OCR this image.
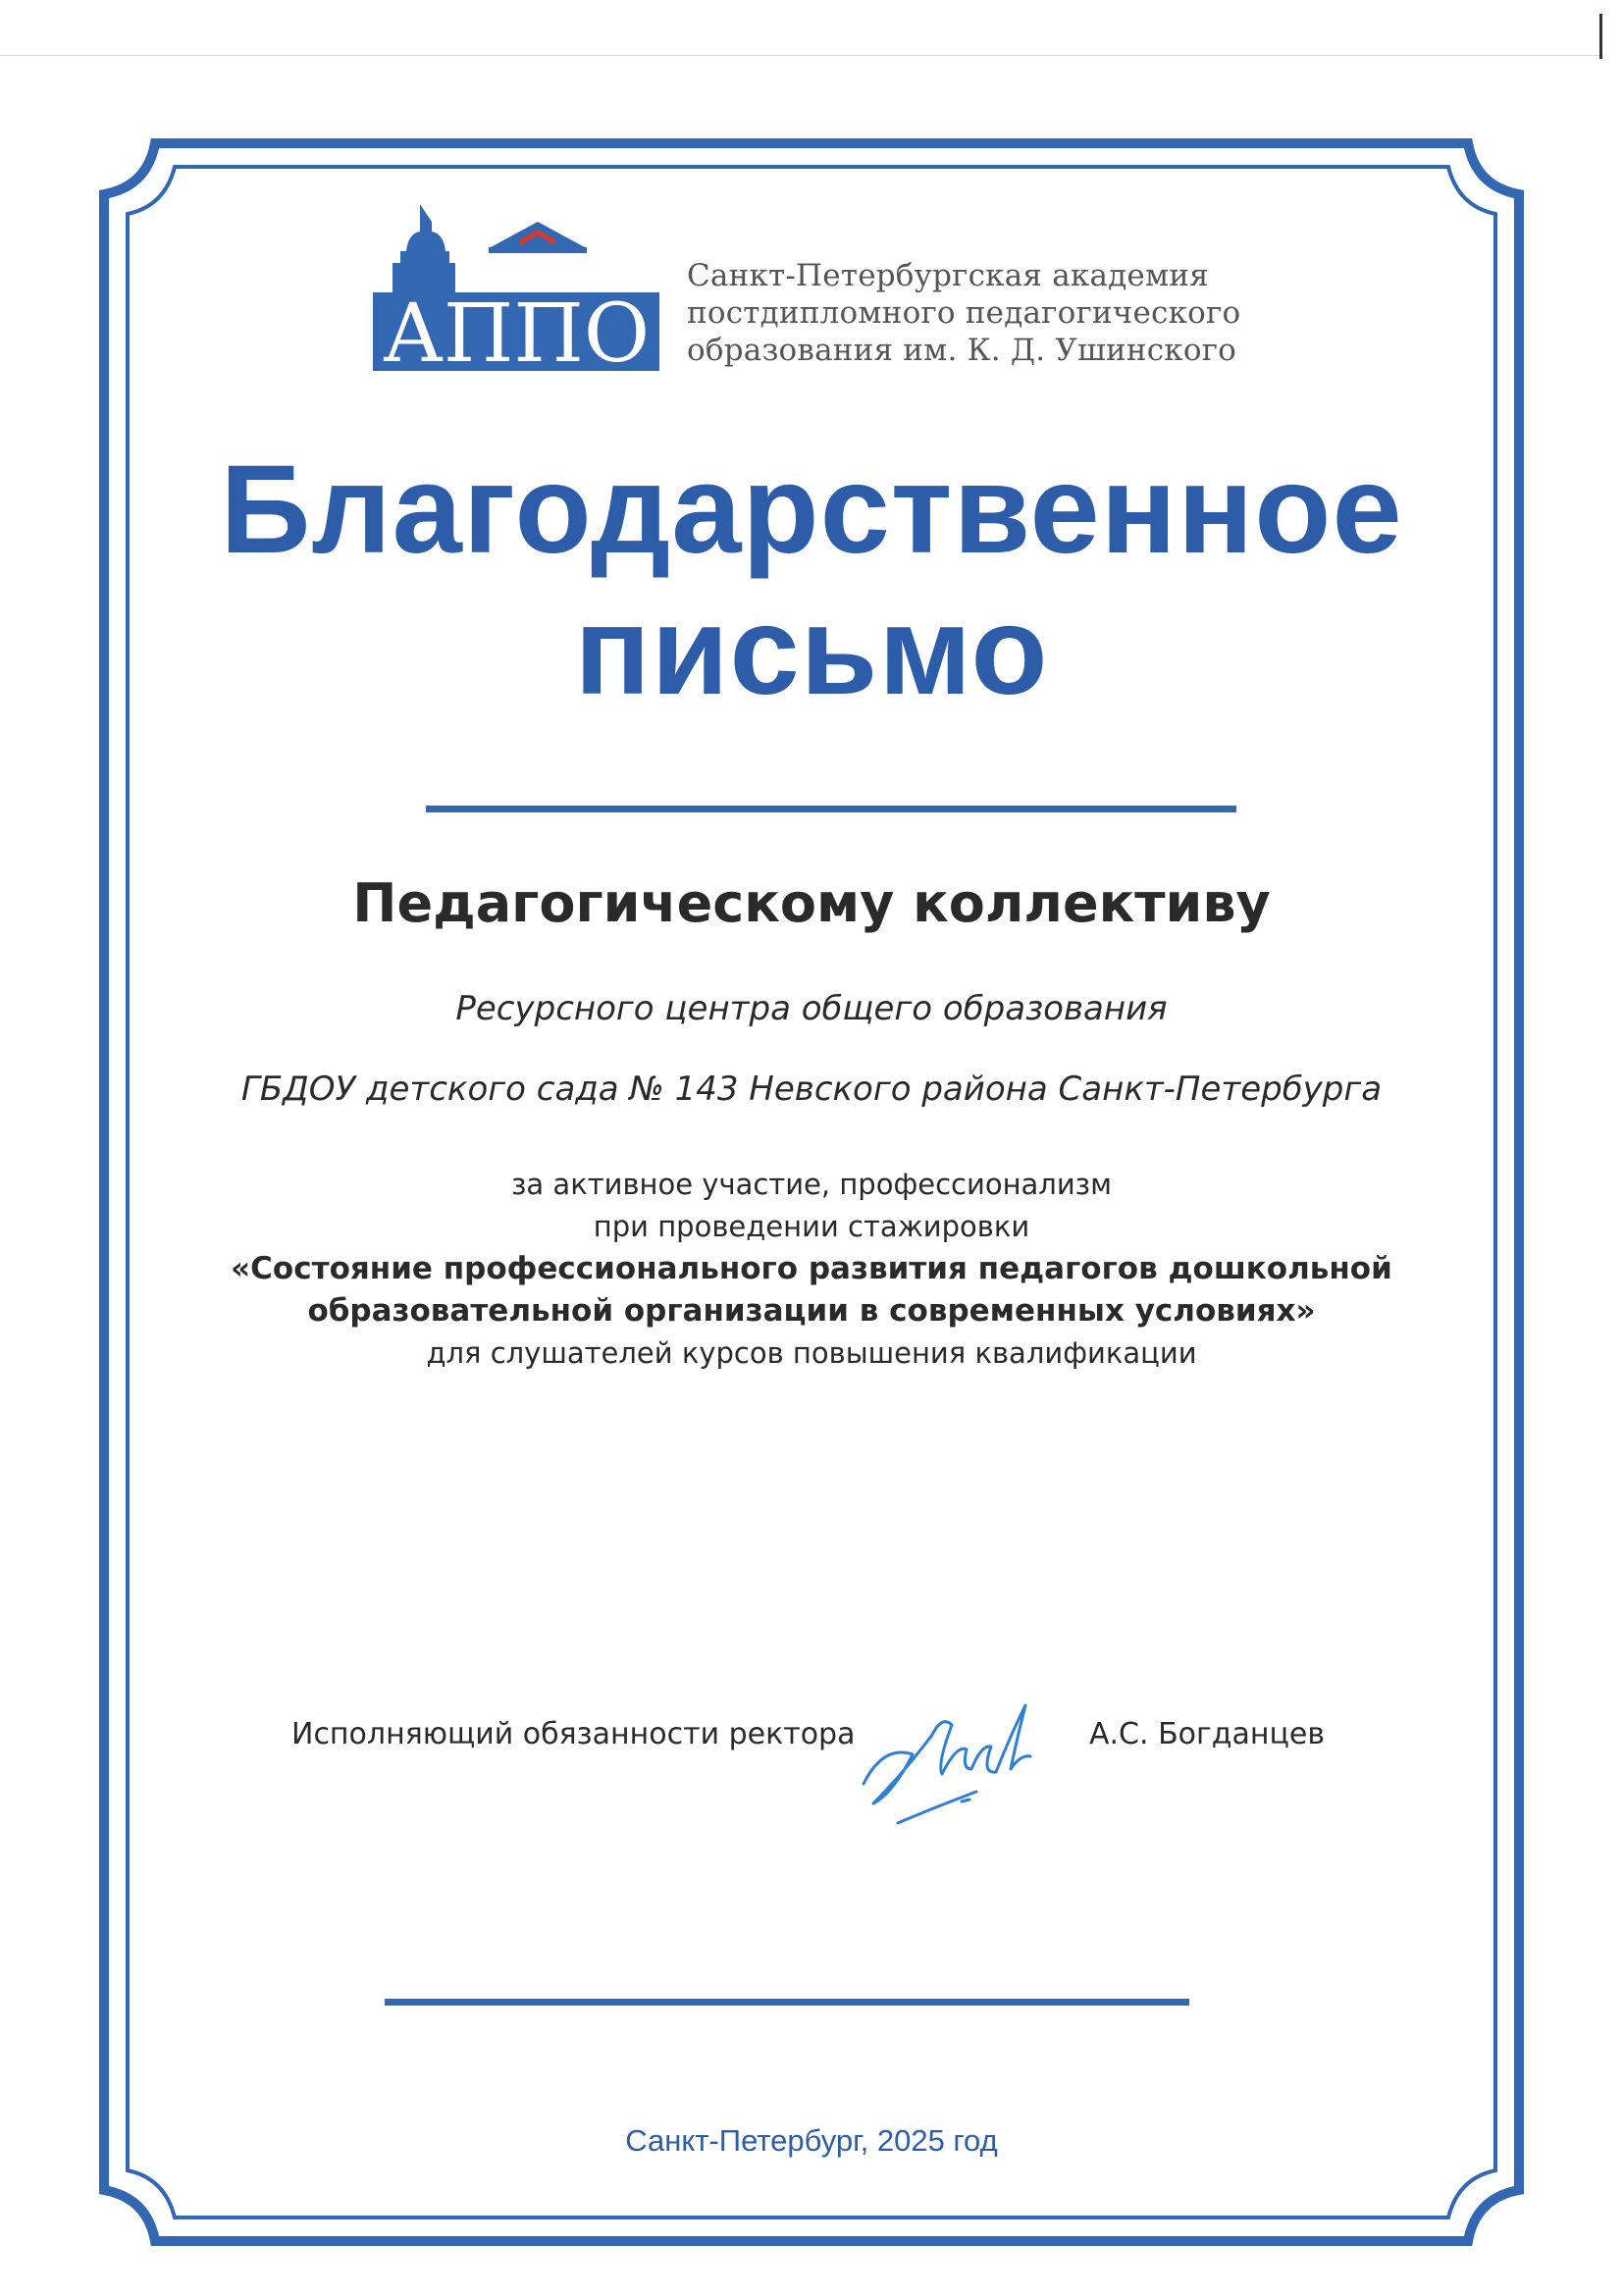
АППО
Санкт-Петербургская академия
постдипломного педагогического
образования им. К. Д. Ушинского
Благодарственное
письмо
Педагогическому коллективу
Ресурсного центра общего образования
ГБДОУ детского сада № 143 Невского района Санкт-Петербурга
за активное участие, профессионализм
при проведении стажировки
«Состояние профессионального развития педагогов дошкольной
образовательной организации в современных условиях»
для слушателей курсов повышения квалификации
Исполняющий обязанности ректора	А.С. Богданцев
Санкт-Петербург, 2025 год
